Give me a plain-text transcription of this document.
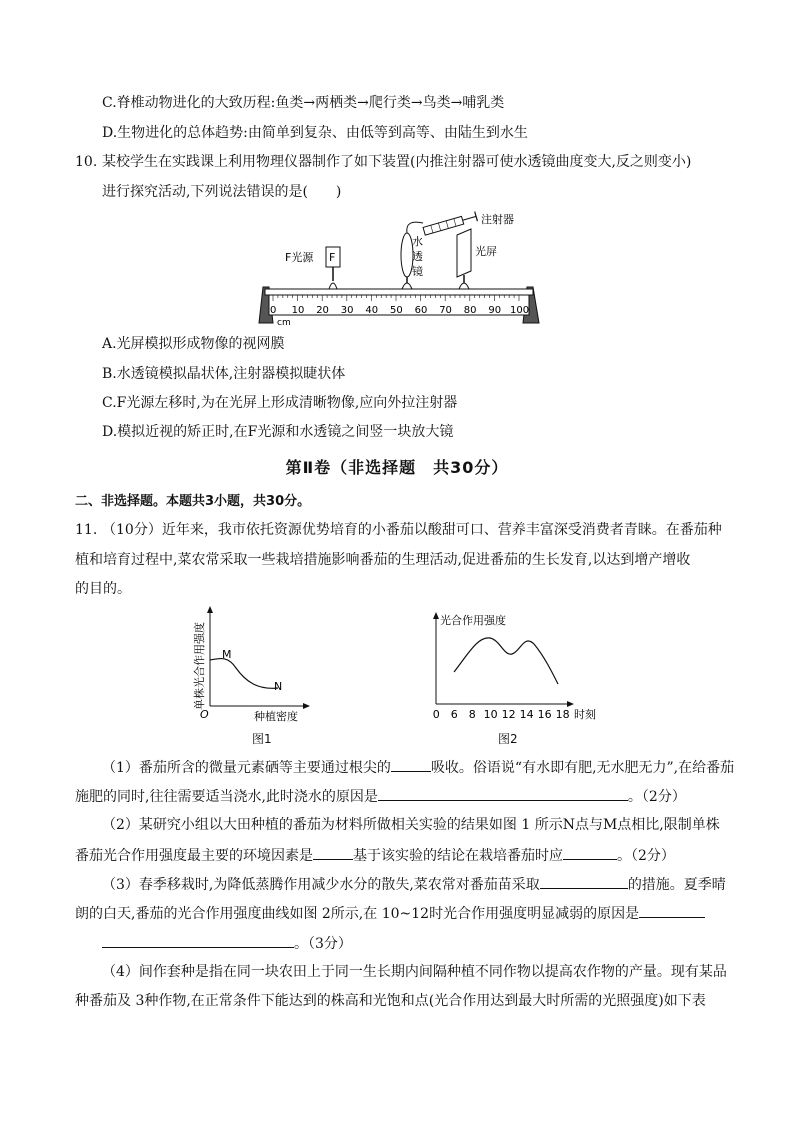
C.脊椎动物进化的大致历程:鱼类→两栖类→爬行类→鸟类→哺乳类
D.生物进化的总体趋势:由简单到复杂、由低等到高等、由陆生到水生
10. 某校学生在实践课上利用物理仪器制作了如下装置(内推注射器可使水透镜曲度变大,反之则变小)
进行探究活动,下列说法错误的是(　　)
0 10 20 30 40 50 60 70 80 90 100
cm
F光源 F
水
透
镜
注射器
光屏
A.光屏模拟形成物像的视网膜
B.水透镜模拟晶状体,注射器模拟睫状体
C.F光源左移时,为在光屏上形成清晰物像,应向外拉注射器
D.模拟近视的矫正时,在F光源和水透镜之间竖一块放大镜
第Ⅱ卷（非选择题　共30分）
二、非选择题。本题共3小题，共30分。
11. （10分）近年来，我市依托资源优势培育的小番茄以酸甜可口、营养丰富深受消费者青睐。在番茄种
植和培育过程中,菜农常采取一些栽培措施影响番茄的生理活动,促进番茄的生长发育,以达到增产增收
的目的。
单株光合作用强度 M
N
O	种植密度
图1
光合作用强度
0 6 8 10 12 14 16 18 时刻
图2
（1）番茄所含的微量元素硒等主要通过根尖的	吸收。俗语说“有水即有肥,无水肥无力”,在给番茄
施肥的同时,往往需要适当浇水,此时浇水的原因是	。（2分）
（2）某研究小组以大田种植的番茄为材料所做相关实验的结果如图 1 所示N点与M点相比,限制单株
番茄光合作用强度最主要的环境因素是	基于该实验的结论在栽培番茄时应	。（2分）
（3）春季移栽时,为降低蒸腾作用减少水分的散失,菜农常对番茄苗采取	的措施。夏季晴
朗的白天,番茄的光合作用强度曲线如图 2所示,在 10~12时光合作用强度明显减弱的原因是
。（3分）
（4）间作套种是指在同一块农田上于同一生长期内间隔种植不同作物以提高农作物的产量。现有某品
种番茄及 3种作物,在正常条件下能达到的株高和光饱和点(光合作用达到最大时所需的光照强度)如下表
